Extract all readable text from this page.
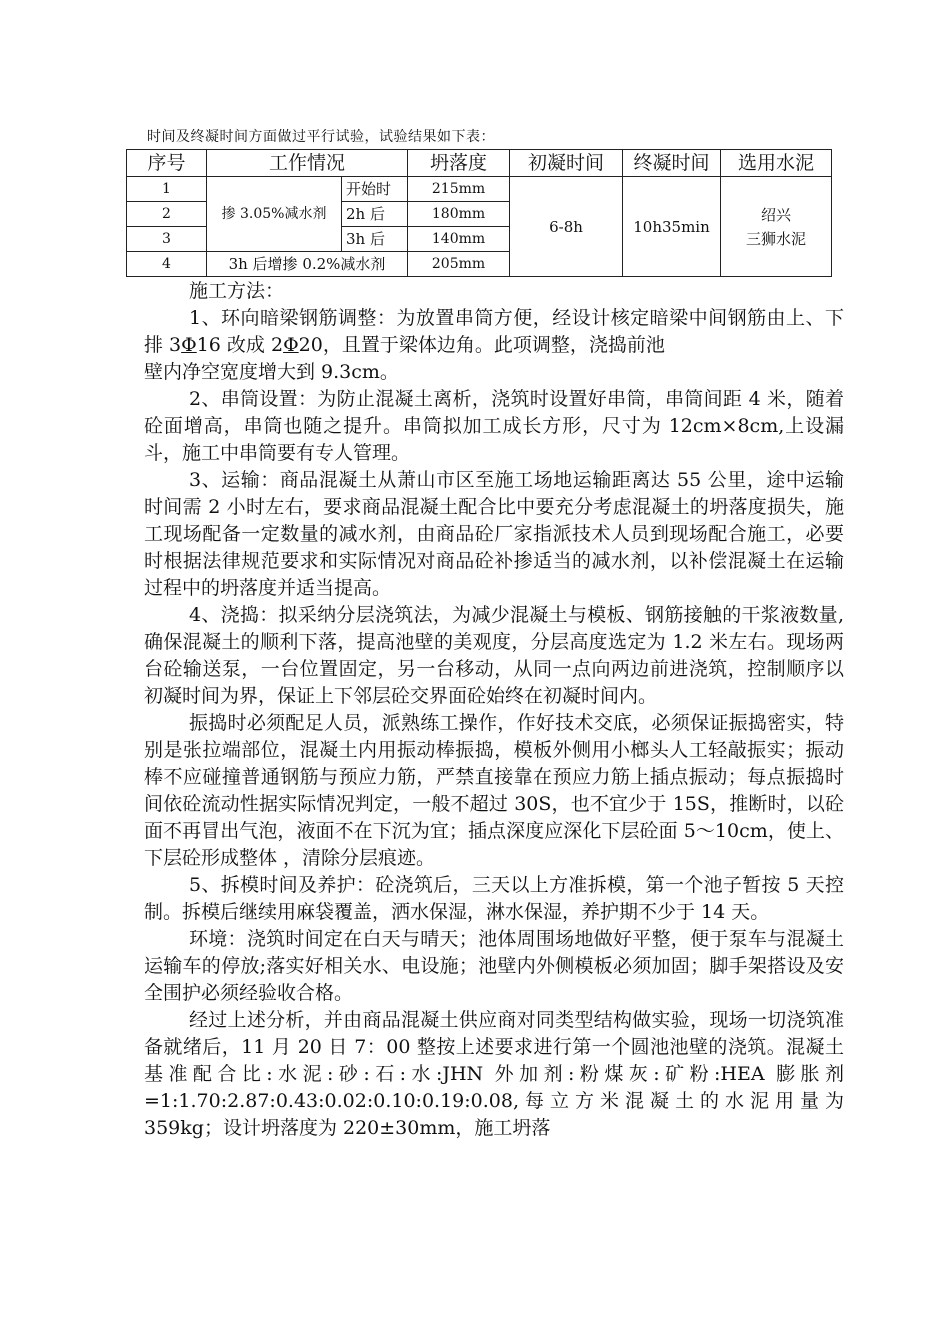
时间及终凝时间方面做过平行试验，试验结果如下表：
序号	工作情况		坍落度	初凝时间	终凝时间	选用水泥
1	掺 3.05%减水剂	开始时	215mm	6-8h	10h35min	绍兴
三狮水泥

2		2h 后	180mm			
3		3h 后	140mm			
4	3h 后增掺 0.2%减水剂		205mm			

施工方法：

1、环向暗梁钢筋调整：为放置串筒方便，经设计核定暗梁中间钢筋由上、下排 3Φ16 改成 2Φ20，且置于梁体边角。此项调整，浇捣前池

壁内净空宽度增大到 9.3cm。

2、串筒设置：为防止混凝土离析，浇筑时设置好串筒，串筒间距 4 米，随着砼面增高，串筒也随之提升。串筒拟加工成长方形，尺寸为 12cm×8cm,上设漏斗，施工中串筒要有专人管理。

3、运输：商品混凝土从萧山市区至施工场地运输距离达 55 公里，途中运输时间需 2 小时左右，要求商品混凝土配合比中要充分考虑混凝土的坍落度损失，施工现场配备一定数量的减水剂，由商品砼厂家指派技术人员到现场配合施工，必要时根据法律规范要求和实际情况对商品砼补掺适当的减水剂，以补偿混凝土在运输过程中的坍落度并适当提高。

4、浇捣：拟采纳分层浇筑法，为减少混凝土与模板、钢筋接触的干浆液数量,确保混凝土的顺利下落，提高池壁的美观度，分层高度选定为 1.2 米左右。现场两台砼输送泵，一台位置固定，另一台移动，从同一点向两边前进浇筑，控制顺序以初凝时间为界，保证上下邻层砼交界面砼始终在初凝时间内。

振捣时必须配足人员，派熟练工操作，作好技术交底，必须保证振捣密实，特别是张拉端部位，混凝土内用振动棒振捣，模板外侧用小榔头人工轻敲振实；振动棒不应碰撞普通钢筋与预应力筋，严禁直接靠在预应力筋上插点振动；每点振捣时间依砼流动性据实际情况判定，一般不超过 30S，也不宜少于 15S，推断时，以砼面不再冒出气泡，液面不在下沉为宜；插点深度应深化下层砼面 5～10cm，使上、下层砼形成整体 ，清除分层痕迹。

5、拆模时间及养护：砼浇筑后，三天以上方准拆模，第一个池子暂按 5 天控制。拆模后继续用麻袋覆盖，洒水保湿，淋水保湿，养护期不少于 14 天。

环境：浇筑时间定在白天与晴天；池体周围场地做好平整，便于泵车与混凝土运输车的停放;落实好相关水、电设施；池壁内外侧模板必须加固；脚手架搭设及安全围护必须经验收合格。

经过上述分析，并由商品混凝土供应商对同类型结构做实验，现场一切浇筑准备就绪后，11 月 20 日 7：00 整按上述要求进行第一个圆池池壁的浇筑。混凝土基准配合比:水泥:砂:石:水:JHN 外加剂:粉煤灰:矿粉:HEA 膨胀剂=1:1.70:2.87:0.43:0.02:0.10:0.19:0.08,每立方米混凝土的水泥用量为 359kg；设计坍落度为 220±30mm，施工坍落
